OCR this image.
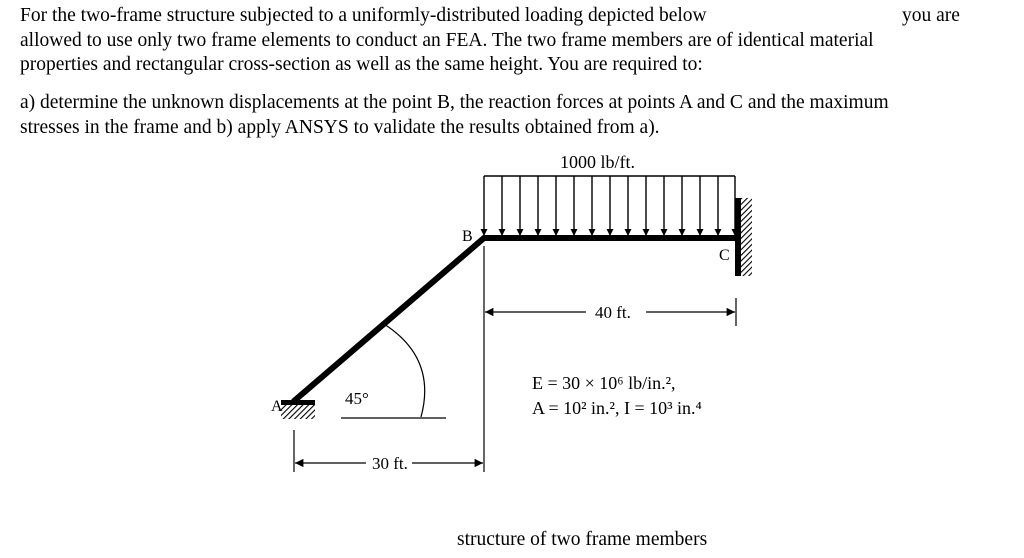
For the two-frame structure subjected to a uniformly-distributed loading depicted below
allowed to use only two frame elements to conduct an FEA. The two frame members are of identical material
properties and rectangular cross-section as well as the same height. You are required to:

you are

a) determine the unknown displacements at the point B, the reaction forces at points A and C and the maximum
stresses in the frame and b) apply ANSYS to validate the results obtained from a).

1000 lb/ft.
A
B
C
45°
40 ft.
30 ft.
E = 30 × 10⁶ lb/in.²,
A = 10² in.², I = 10³ in.⁴
structure of two frame members
